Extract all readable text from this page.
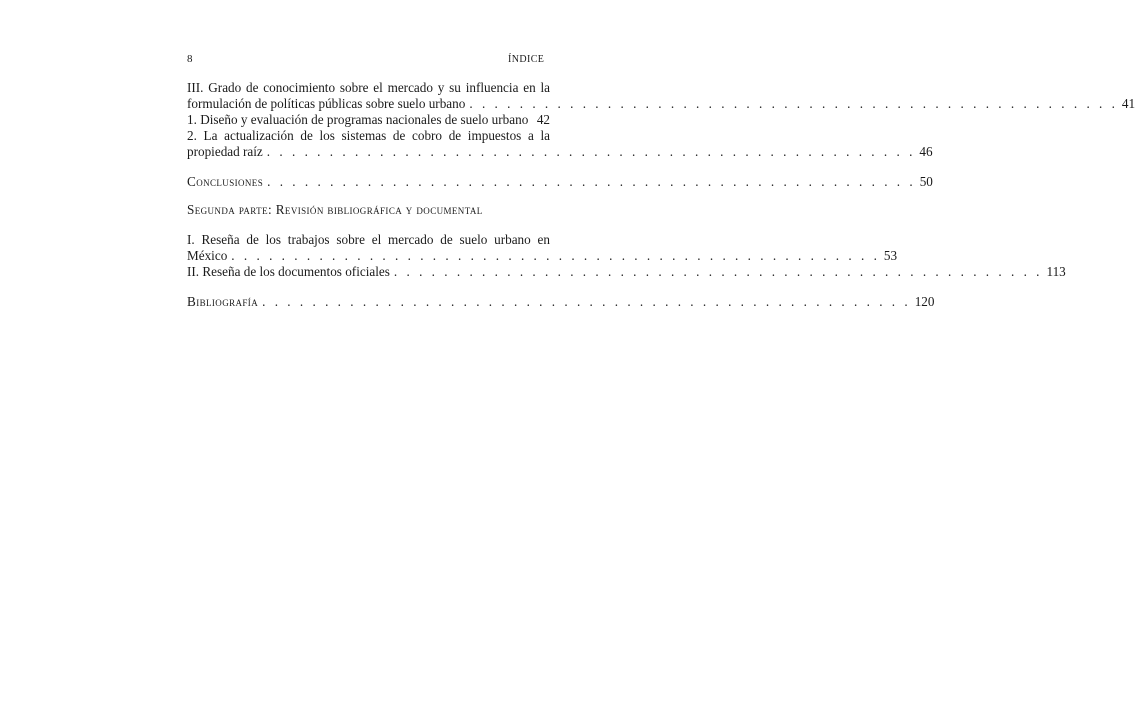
8	ÍNDICE
III. Grado de conocimiento sobre el mercado y su influencia en la
formulación de políticas públicas sobre suelo urbano . . . . . . . . . . . . . . . . . . . . . . . . . . . . . . . . . . . . . . . . . . . . . . . . . . . . 41
1. Diseño y evaluación de programas nacionales de suelo urbano 42
2. La actualización de los sistemas de cobro de impuestos a la
propiedad raíz . . . . . . . . . . . . . . . . . . . . . . . . . . . . . . . . . . . . . . . . . . . . . . . . . . . . 46
Conclusiones . . . . . . . . . . . . . . . . . . . . . . . . . . . . . . . . . . . . . . . . . . . . . . . . . . . . 50
Segunda parte: Revisión bibliográfica y documental
I. Reseña de los trabajos sobre el mercado de suelo urbano en
México . . . . . . . . . . . . . . . . . . . . . . . . . . . . . . . . . . . . . . . . . . . . . . . . . . . . 53
II. Reseña de los documentos oficiales . . . . . . . . . . . . . . . . . . . . . . . . . . . . . . . . . . . . . . . . . . . . . . . . . . . . 113
Bibliografía . . . . . . . . . . . . . . . . . . . . . . . . . . . . . . . . . . . . . . . . . . . . . . . . . . . . 120
